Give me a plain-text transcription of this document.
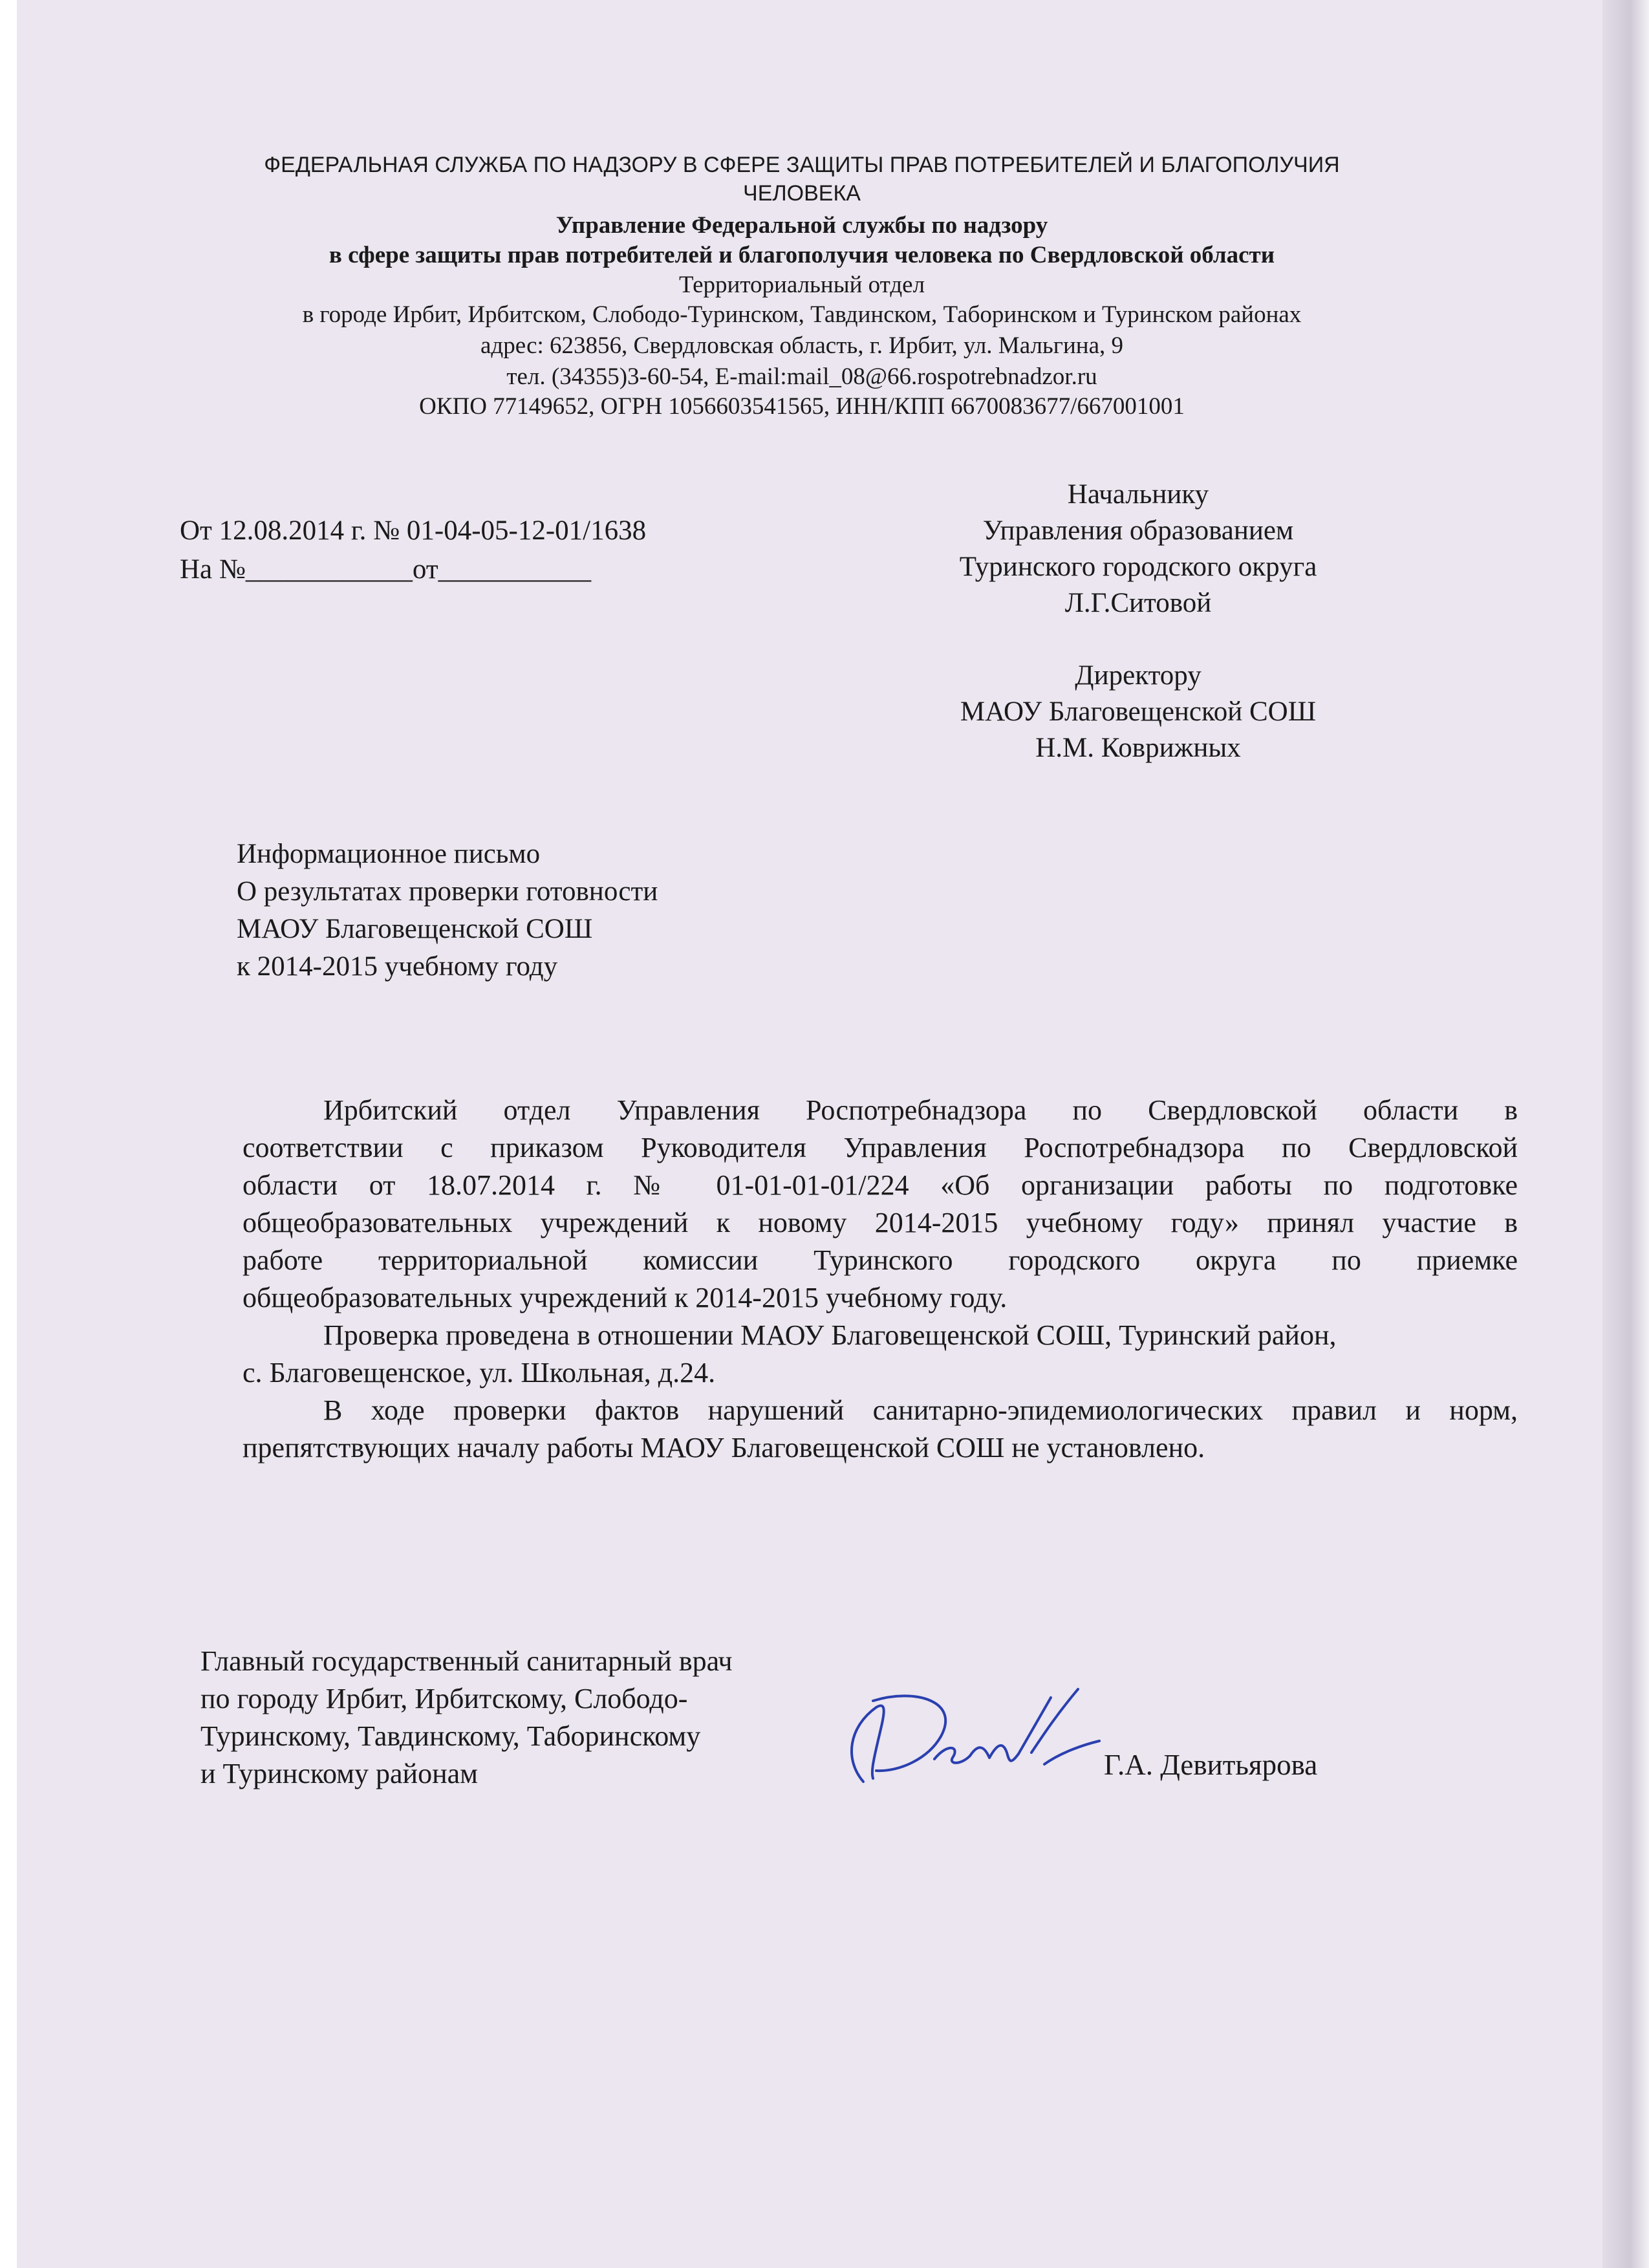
ФЕДЕРАЛЬНАЯ СЛУЖБА ПО НАДЗОРУ В СФЕРЕ ЗАЩИТЫ ПРАВ ПОТРЕБИТЕЛЕЙ И БЛАГОПОЛУЧИЯ
ЧЕЛОВЕКА
Управление Федеральной службы по надзору
в сфере защиты прав потребителей и благополучия человека по Свердловской области
Территориальный отдел
в городе Ирбит, Ирбитском, Слободо-Туринском, Тавдинском, Таборинском и Туринском районах
адрес: 623856, Свердловская область, г. Ирбит, ул. Мальгина, 9
тел. (34355)3-60-54, E-mail:mail_08@66.rospotrebnadzor.ru
ОКПО 77149652, ОГРН 1056603541565, ИНН/КПП 6670083677/667001001
От 12.08.2014 г. № 01-04-05-12-01/1638
На №____________от___________
Начальнику
Управления образованием
Туринского городского округа
Л.Г.Ситовой
Директору
МАОУ Благовещенской СОШ
Н.М. Коврижных
Информационное письмо
О результатах проверки готовности
МАОУ Благовещенской СОШ
к 2014-2015 учебному году
Ирбитский отдел Управления Роспотребнадзора по Свердловской области в
соответствии с приказом Руководителя Управления Роспотребнадзора по Свердловской
области от 18.07.2014 г. № 01-01-01-01/224 «Об организации работы по подготовке
общеобразовательных учреждений к новому 2014-2015 учебному году» принял участие в
работе территориальной комиссии Туринского городского округа по приемке
общеобразовательных учреждений к 2014-2015 учебному году.
Проверка проведена в отношении МАОУ Благовещенской СОШ, Туринский район,
с. Благовещенское, ул. Школьная, д.24.
В ходе проверки фактов нарушений санитарно-эпидемиологических правил и норм,
препятствующих началу работы МАОУ Благовещенской СОШ не установлено.
Главный государственный санитарный врач
по городу Ирбит, Ирбитскому, Слободо-
Туринскому, Тавдинскому, Таборинскому
и Туринскому районам	Г.А. Девитьярова
